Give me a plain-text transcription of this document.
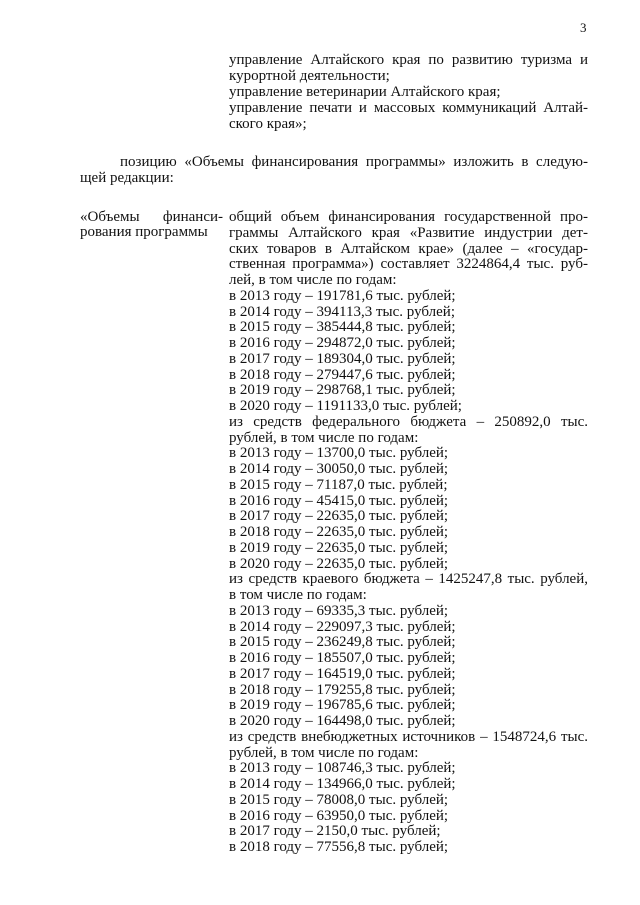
3
управление Алтайского края по развитию туризма и
курортной деятельности;
управление ветеринарии Алтайского края;
управление печати и массовых коммуникаций Алтай-
ского края»;
позицию «Объемы финансирования программы» изложить в следую-
щей редакции:
«Объемы финанси-
рования программы
общий объем финансирования государственной про-
граммы Алтайского края «Развитие индустрии дет-
ских товаров в Алтайском крае» (далее – «государ-
ственная программа») составляет 3224864,4 тыс. руб-
лей, в том числе по годам:
в 2013 году – 191781,6 тыс. рублей;
в 2014 году – 394113,3 тыс. рублей;
в 2015 году – 385444,8 тыс. рублей;
в 2016 году – 294872,0 тыс. рублей;
в 2017 году – 189304,0 тыс. рублей;
в 2018 году – 279447,6 тыс. рублей;
в 2019 году – 298768,1 тыс. рублей;
в 2020 году – 1191133,0 тыс. рублей;
из средств федерального бюджета – 250892,0 тыс.
рублей, в том числе по годам:
в 2013 году – 13700,0 тыс. рублей;
в 2014 году – 30050,0 тыс. рублей;
в 2015 году – 71187,0 тыс. рублей;
в 2016 году – 45415,0 тыс. рублей;
в 2017 году – 22635,0 тыс. рублей;
в 2018 году – 22635,0 тыс. рублей;
в 2019 году – 22635,0 тыс. рублей;
в 2020 году – 22635,0 тыс. рублей;
из средств краевого бюджета – 1425247,8 тыс. рублей,
в том числе по годам:
в 2013 году – 69335,3 тыс. рублей;
в 2014 году – 229097,3 тыс. рублей;
в 2015 году – 236249,8 тыс. рублей;
в 2016 году – 185507,0 тыс. рублей;
в 2017 году – 164519,0 тыс. рублей;
в 2018 году – 179255,8 тыс. рублей;
в 2019 году – 196785,6 тыс. рублей;
в 2020 году – 164498,0 тыс. рублей;
из средств внебюджетных источников – 1548724,6 тыс.
рублей, в том числе по годам:
в 2013 году – 108746,3 тыс. рублей;
в 2014 году – 134966,0 тыс. рублей;
в 2015 году – 78008,0 тыс. рублей;
в 2016 году – 63950,0 тыс. рублей;
в 2017 году – 2150,0 тыс. рублей;
в 2018 году – 77556,8 тыс. рублей;
